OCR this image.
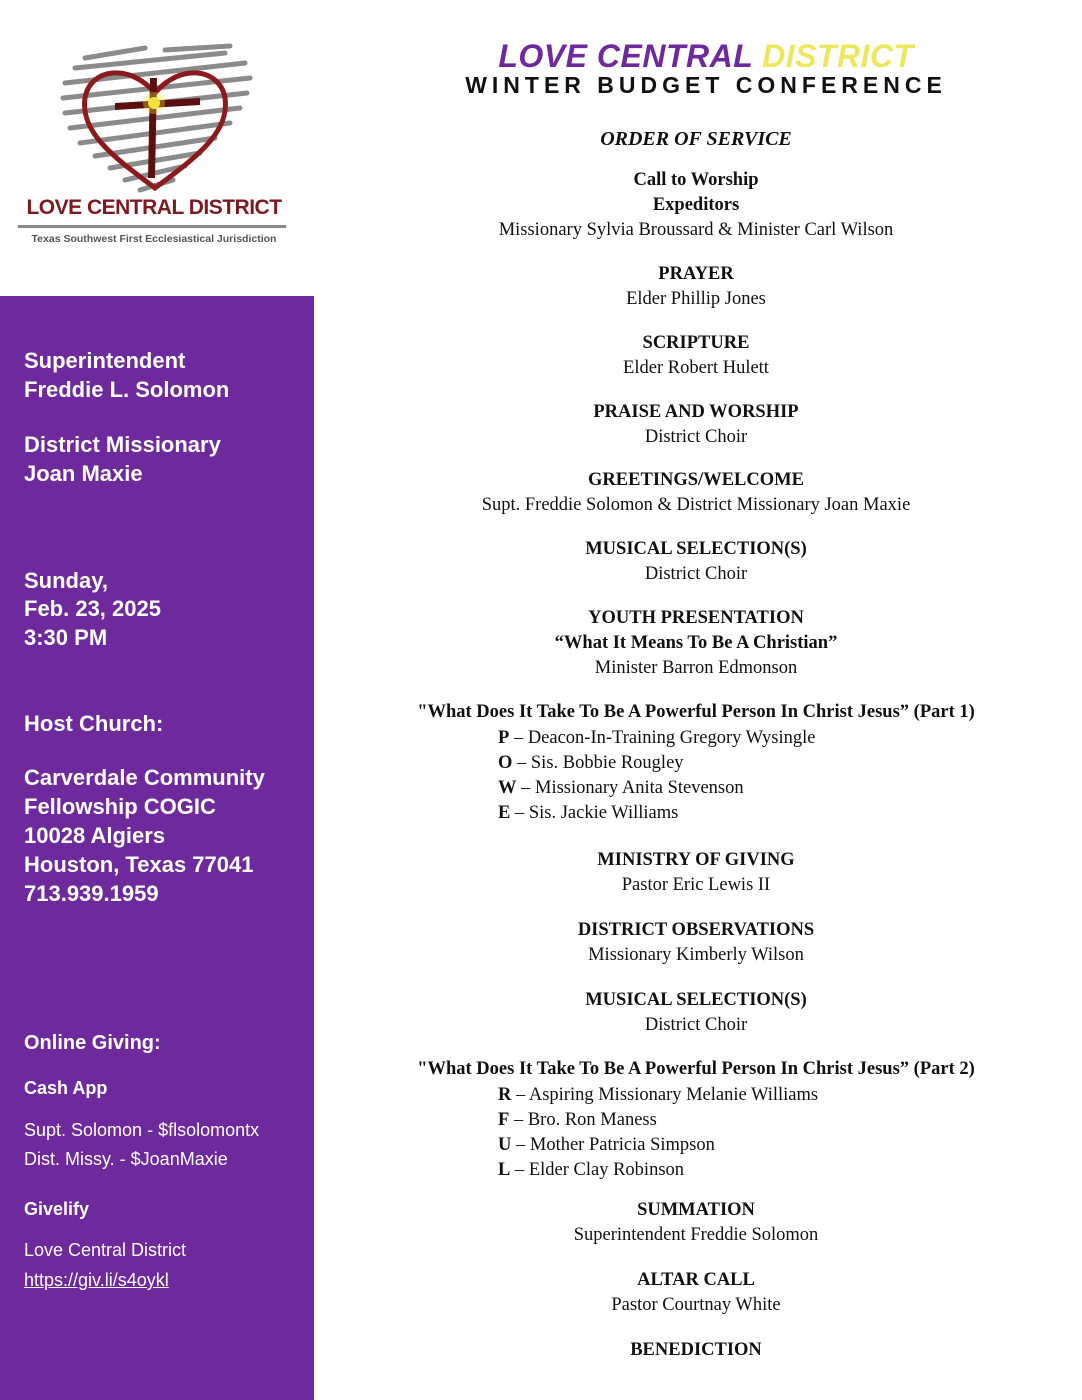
LOVE CENTRAL DISTRICT
Texas Southwest First Ecclesiastical Jurisdiction

Superintendent

Freddie L. Solomon

District Missionary

Joan Maxie

Sunday,

Feb. 23, 2025

3:30 PM

Host Church:

Carverdale Community

Fellowship COGIC

10028 Algiers

Houston, Texas 77041

713.939.1959

Online Giving:

Cash App

Supt. Solomon - $flsolomontx

Dist. Missy. - $JoanMaxie

Givelify

Love Central District

https://giv.li/s4oykl

LOVE CENTRAL DISTRICT
WINTER BUDGET CONFERENCE
ORDER OF SERVICE
Call to Worship
Expeditors
Missionary Sylvia Broussard & Minister Carl Wilson
PRAYER
Elder Phillip Jones
SCRIPTURE
Elder Robert Hulett
PRAISE AND WORSHIP
District Choir
GREETINGS/WELCOME
Supt. Freddie Solomon & District Missionary Joan Maxie
MUSICAL SELECTION(S)
District Choir
YOUTH PRESENTATION
“What It Means To Be A Christian”
Minister Barron Edmonson
"What Does It Take To Be A Powerful Person In Christ Jesus” (Part 1)
P – Deacon-In-Training Gregory Wysingle
O – Sis. Bobbie Rougley
W – Missionary Anita Stevenson
E – Sis. Jackie Williams
MINISTRY OF GIVING
Pastor Eric Lewis II
DISTRICT OBSERVATIONS
Missionary Kimberly Wilson
MUSICAL SELECTION(S)
District Choir
"What Does It Take To Be A Powerful Person In Christ Jesus” (Part 2)
R – Aspiring Missionary Melanie Williams
F – Bro. Ron Maness
U – Mother Patricia Simpson
L – Elder Clay Robinson
SUMMATION
Superintendent Freddie Solomon
ALTAR CALL
Pastor Courtnay White
BENEDICTION
